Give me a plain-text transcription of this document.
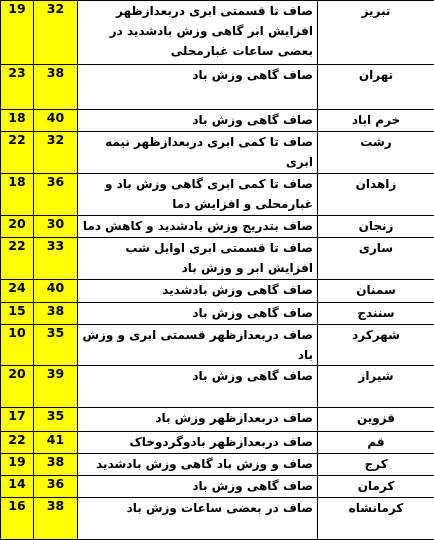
19	32	صاف تا قسمتی ابری دربعدازظهر افزایش ابر گاهی وزش بادشدید در بعضی ساعات غبارمحلی	تبریز
23	38	صاف گاهی وزش باد	تهران
18	40	صاف گاهی وزش باد	خرم اباد
22	32	صاف تا کمی ابری دربعدازظهر نیمه ابری	رشت
18	36	صاف تا کمی ابری گاهی وزش باد و غبارمحلی و افزایش دما	زاهدان
20	30	صاف بتدریج وزش بادشدید و کاهش دما	زنجان
22	33	صاف تا قسمتی ابری اوایل شب افزایش ابر و وزش باد	ساری
24	40	صاف گاهی وزش بادشدید	سمنان
15	38	صاف گاهی وزش باد	سنندج
10	35	صاف دربعدازظهر قسمتی ابری و وزش باد	شهرکرد
20	39	صاف گاهی وزش باد	شیراز
17	35	صاف دربعدازظهر وزش باد	قزوین
22	41	صاف دربعدازظهر بادوگردوخاک	قم
19	38	صاف و وزش باد گاهی وزش بادشدید	کرج
14	36	صاف گاهی وزش باد	کرمان
16	38	صاف در بعضی ساعات وزش باد	کرمانشاه
